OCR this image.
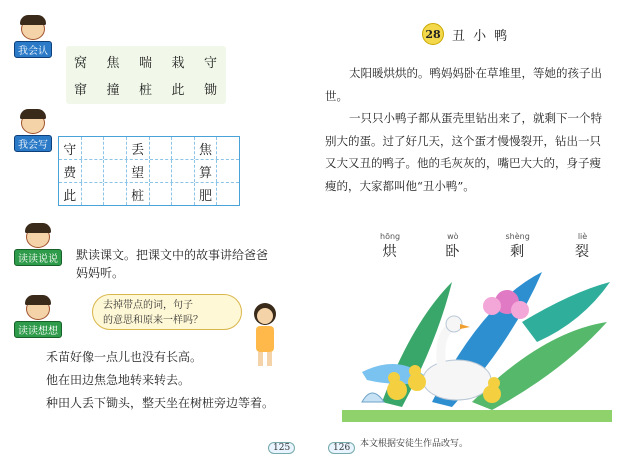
我会认
窝 焦 喘 栽 守
窜 撞 桩 此 锄
我会写	守	丢	焦
费	望	算
此	桩	肥
读读说说	默读课文。把课文中的故事讲给爸爸
妈妈听。
读读想想
去掉带点的词，句子
的意思和原来一样吗？
禾苗好像一点儿也没有长高。
他在田边焦急地转来转去。
种田人丢下锄头，整天坐在树桩旁边等着。
125
28 丑 小 鸭

太阳暖烘烘的。鸭妈妈卧在草堆里，等她的孩子出世。

一只只小鸭子都从蛋壳里钻出来了，就剩下一个特别大的蛋。过了好几天，这个蛋才慢慢裂开，钻出一只又大又丑的鸭子。他的毛灰灰的，嘴巴大大的，身子瘦瘦的，大家都叫他“丑小鸭”。

hōng
烘
wò
卧
shèng
剩
liè
裂
本文根据安徒生作品改写。
126
